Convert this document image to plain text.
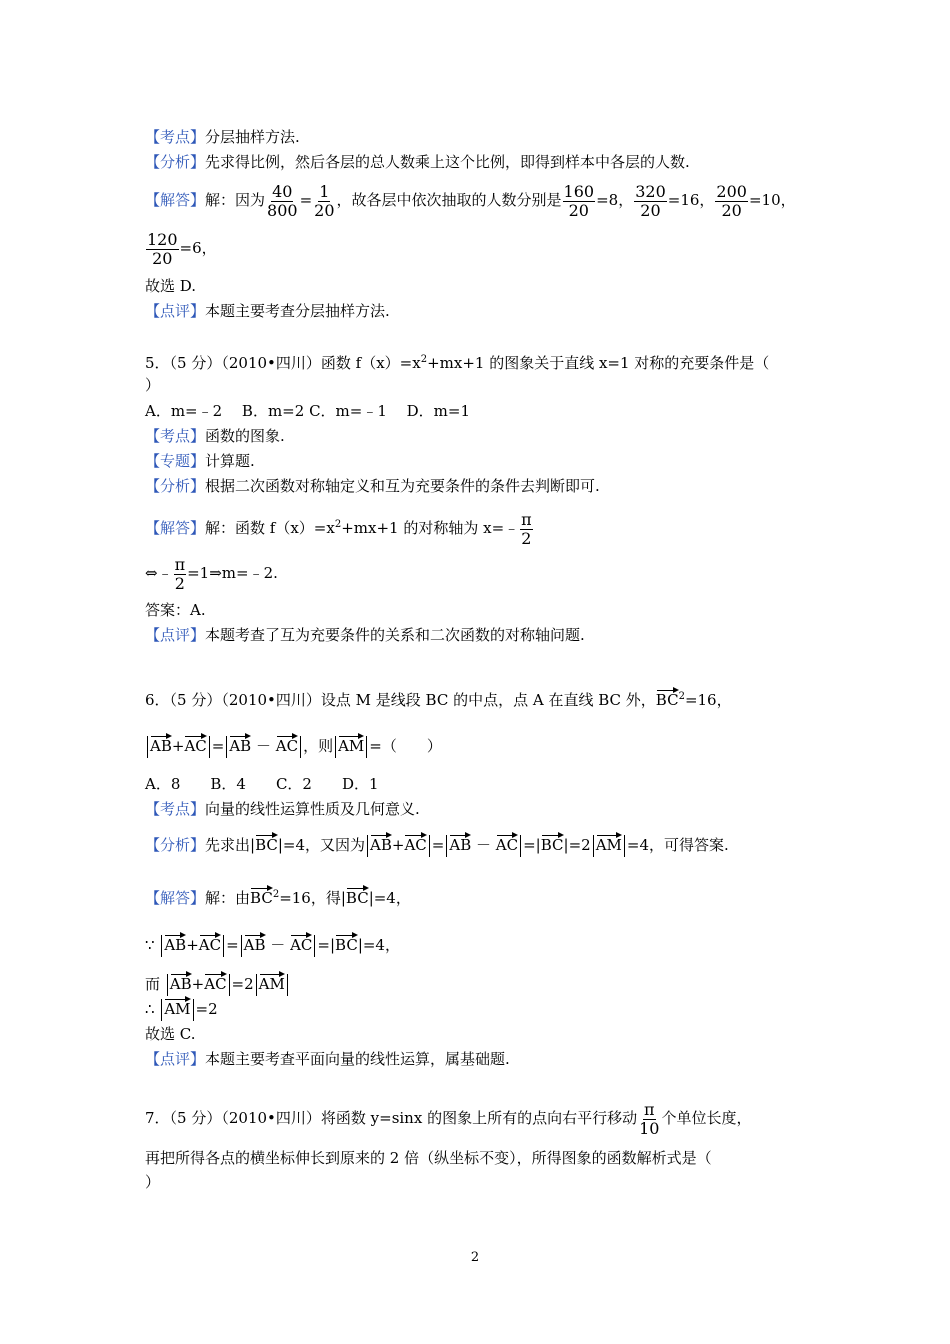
【考点】分层抽样方法.
【分析】先求得比例，然后各层的总人数乘上这个比例，即得到样本中各层的人数.
【解答】解：因为 $\frac{40}{800} = \frac{1}{20}$ ，故各层中依次抽取的人数分别是 $\frac{160}{20} =8$， $\frac{320}{20} =16$， $\frac{200}{20} =10$，
$\frac{120}{20} =6$，
故选 D.
【点评】本题主要考查分层抽样方法.
5．（5 分）（2010•四川）函数 $f(x)=x^2+mx+1$ 的图象关于直线 x=1 对称的充要条件是（
）
A．m=﹣2　 B．m=2 C．m=﹣1　 D．m=1
【考点】函数的图象.
【专题】计算题.
【分析】根据二次函数对称轴定义和互为充要条件的条件去判断即可.
【解答】解：函数 $f(x)=x^2+mx+1$ 的对称轴为 x=﹣ $\frac{\pi}{2}$
⇔﹣ $\frac{\pi}{2}$ =1⇒m=﹣2.
答案：A.
【点评】本题考查了互为充要条件的关系和二次函数的对称轴问题.
6．（5 分）（2010•四川）设点 M 是线段 BC 的中点，点 A 在直线 BC 外，$BC^2=16$，
AB+AC = AB － AC ，则 AM =（　　）
A．8　　B．4　　C．2　　D．1
【考点】向量的线性运算性质及几何意义.
【分析】先求出|BC|=4，又因为 AB+AC = AB － AC =|BC|=2 AM =4，可得答案.
【解答】解：由$BC^2=16$，得|BC|=4，
∵ AB+AC = AB － AC =|BC|=4，
而 AB+AC =2 AM
∴ AM =2
故选 C.
【点评】本题主要考查平面向量的线性运算，属基础题.
7．（5 分）（2010•四川）将函数 y=sinx 的图象上所有的点向右平行移动 $\frac{\pi}{10}$ 个单位长度，
再把所得各点的横坐标伸长到原来的 2 倍（纵坐标不变），所得图象的函数解析式是（
）
2
